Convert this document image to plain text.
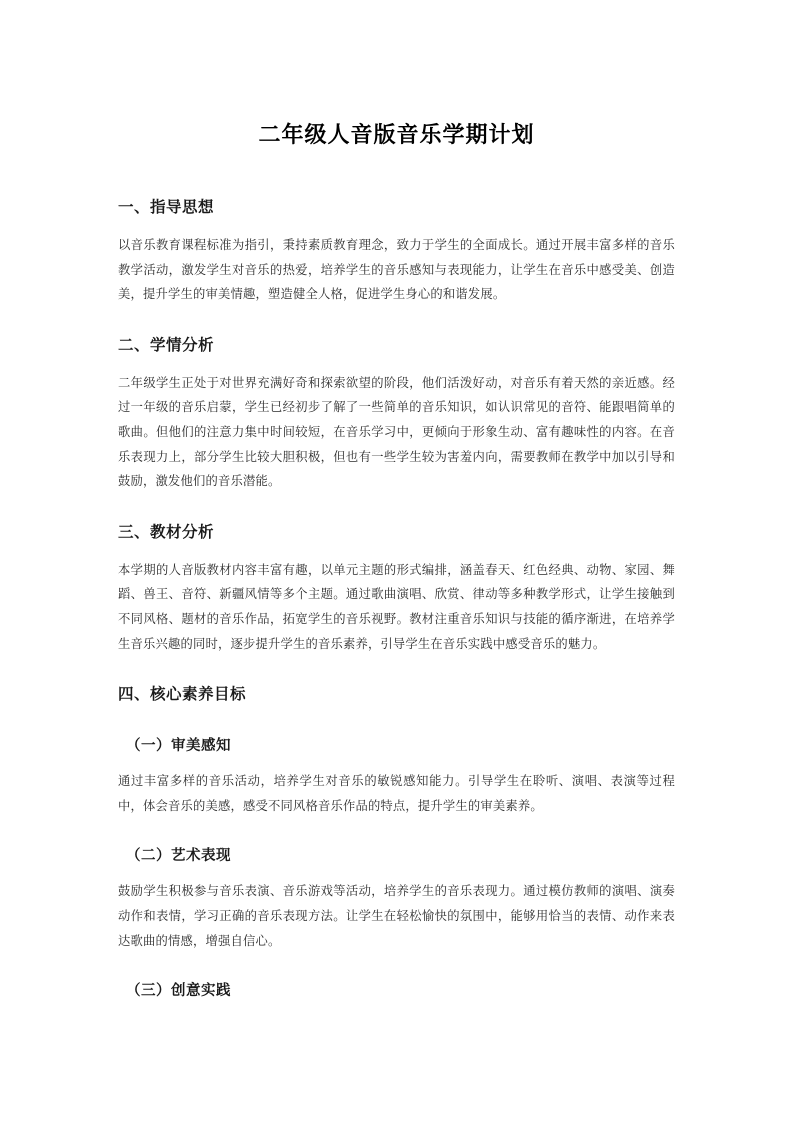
二年级人音版音乐学期计划
一、指导思想

以音乐教育课程标准为指引，秉持素质教育理念，致力于学生的全面成长。通过开展丰富多样的音乐教学活动，激发学生对音乐的热爱，培养学生的音乐感知与表现能力，让学生在音乐中感受美、创造美，提升学生的审美情趣，塑造健全人格，促进学生身心的和谐发展。

二、学情分析

二年级学生正处于对世界充满好奇和探索欲望的阶段，他们活泼好动，对音乐有着天然的亲近感。经过一年级的音乐启蒙，学生已经初步了解了一些简单的音乐知识，如认识常见的音符、能跟唱简单的歌曲。但他们的注意力集中时间较短，在音乐学习中，更倾向于形象生动、富有趣味性的内容。在音乐表现力上，部分学生比较大胆积极，但也有一些学生较为害羞内向，需要教师在教学中加以引导和鼓励，激发他们的音乐潜能。

三、教材分析

本学期的人音版教材内容丰富有趣，以单元主题的形式编排，涵盖春天、红色经典、动物、家园、舞蹈、兽王、音符、新疆风情等多个主题。通过歌曲演唱、欣赏、律动等多种教学形式，让学生接触到不同风格、题材的音乐作品，拓宽学生的音乐视野。教材注重音乐知识与技能的循序渐进，在培养学生音乐兴趣的同时，逐步提升学生的音乐素养，引导学生在音乐实践中感受音乐的魅力。

四、核心素养目标
（一）审美感知

通过丰富多样的音乐活动，培养学生对音乐的敏锐感知能力。引导学生在聆听、演唱、表演等过程中，体会音乐的美感，感受不同风格音乐作品的特点，提升学生的审美素养。

（二）艺术表现

鼓励学生积极参与音乐表演、音乐游戏等活动，培养学生的音乐表现力。通过模仿教师的演唱、演奏动作和表情，学习正确的音乐表现方法。让学生在轻松愉快的氛围中，能够用恰当的表情、动作来表达歌曲的情感，增强自信心。

（三）创意实践
